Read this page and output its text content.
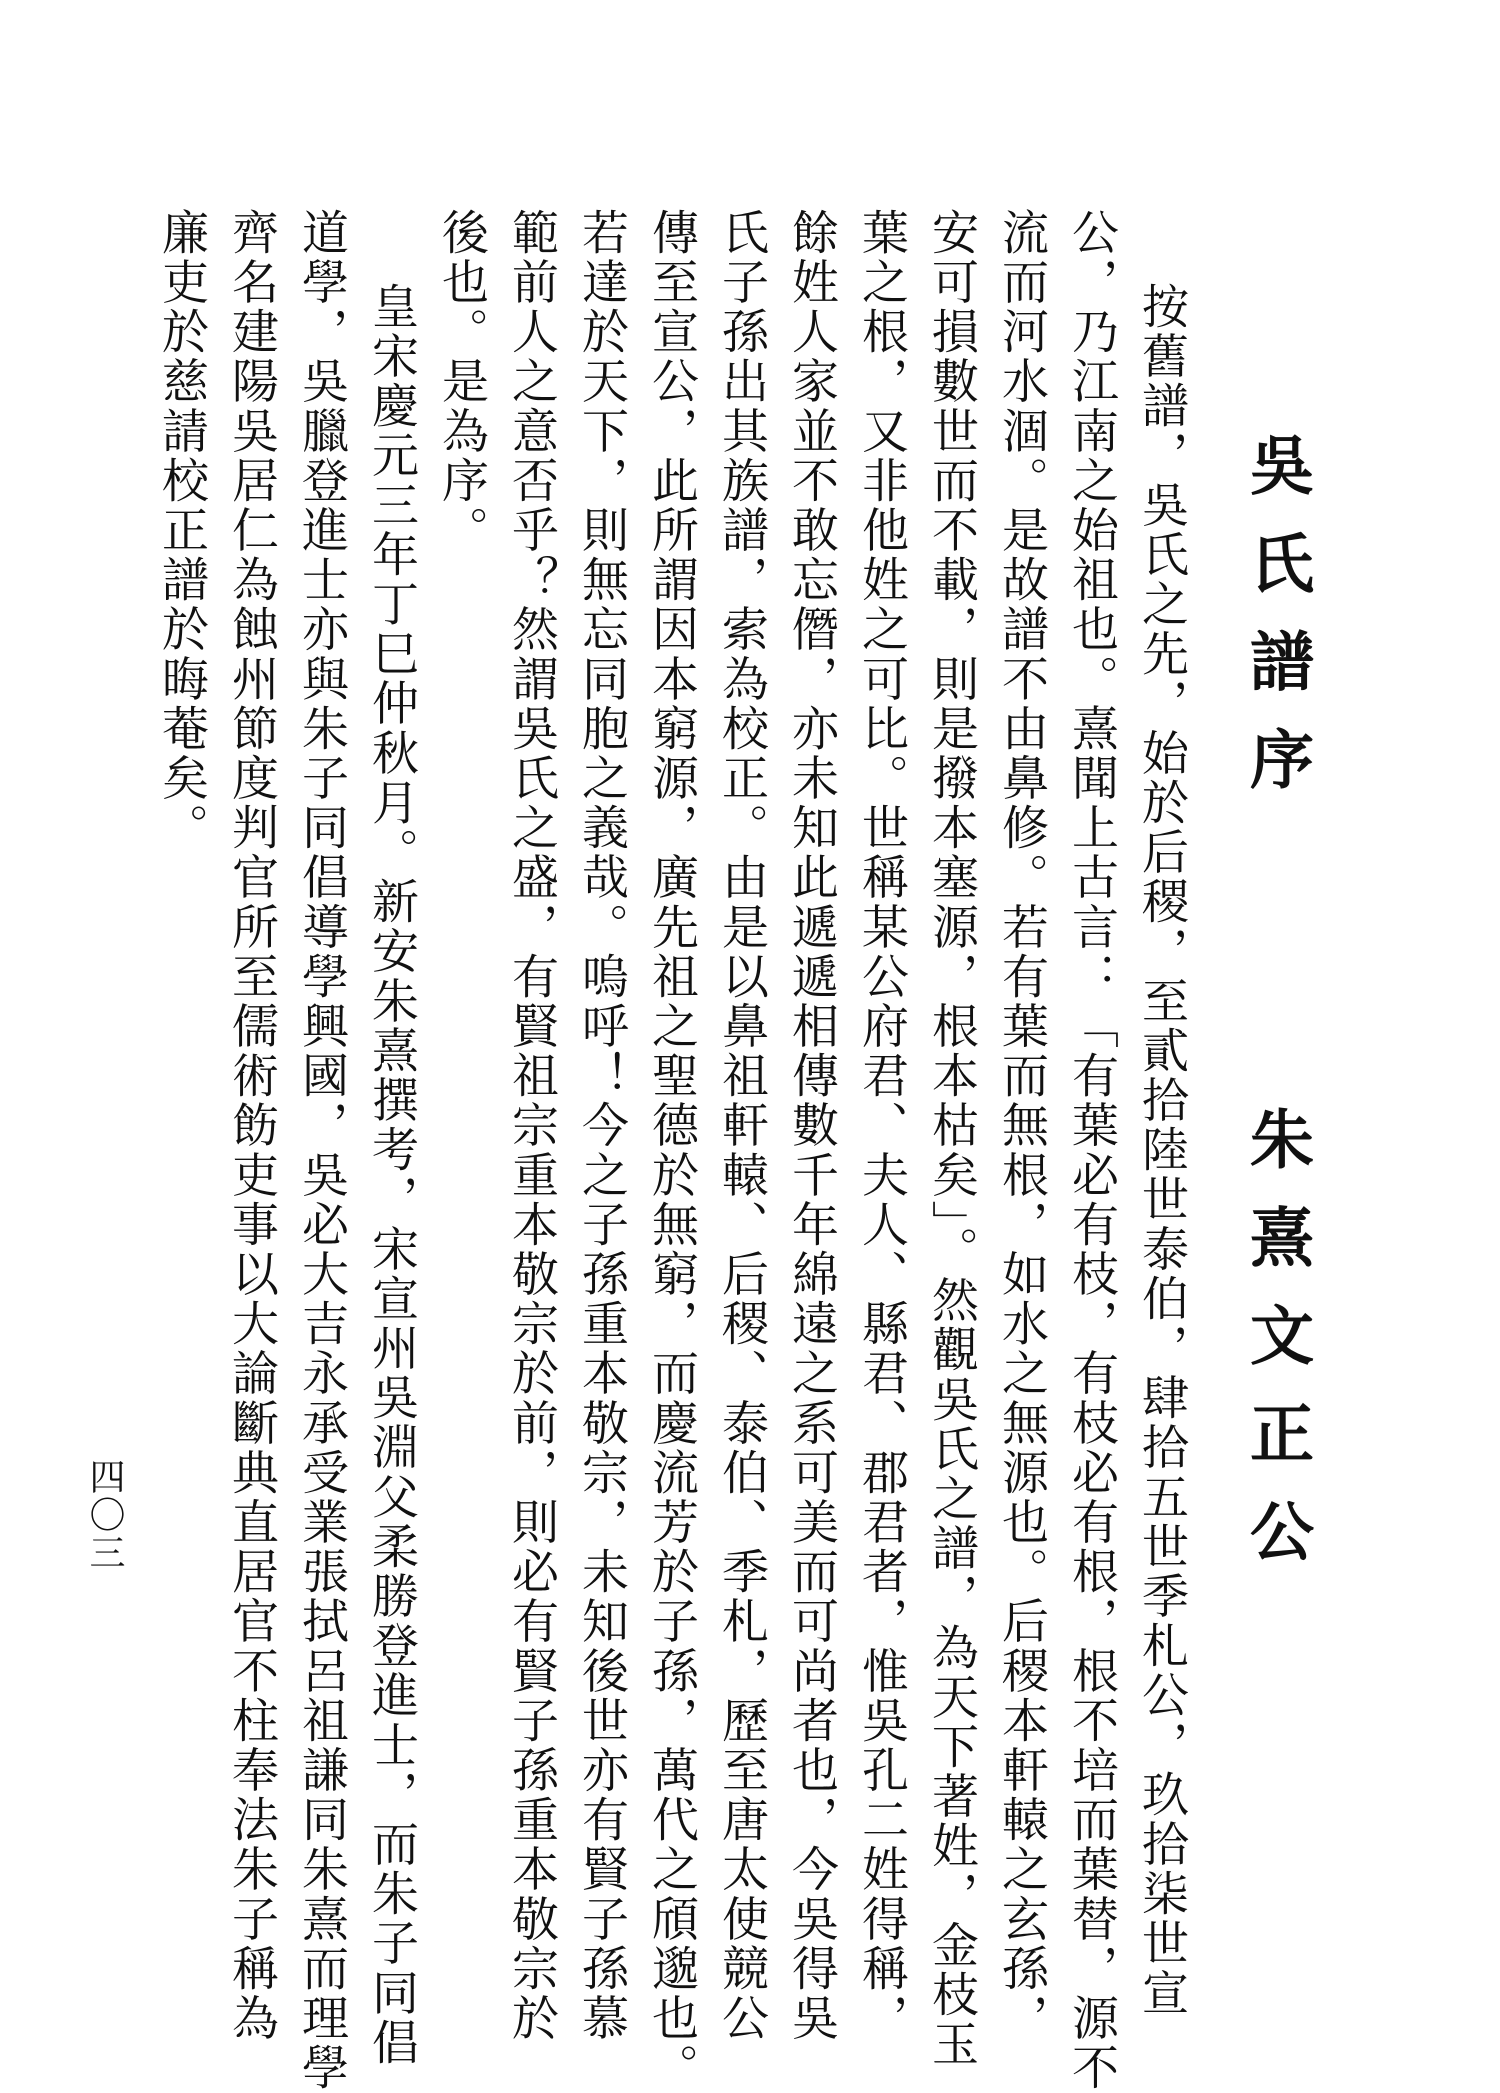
吳氏譜序
朱熹文正公
按舊譜，吳氏之先，始於后稷，至貳拾陸世泰伯，肆拾五世季札公，玖拾柒世宣
公，乃江南之始祖也。熹聞上古言：「有葉必有枝，有枝必有根，根不培而葉替，源不
流而河水涸。是故譜不由鼻修。若有葉而無根，如水之無源也。后稷本軒轅之玄孫，
安可損數世而不載，則是撥本塞源，根本枯矣」。然觀吳氏之譜，為天下著姓，金枝玉
葉之根，又非他姓之可比。世稱某公府君、夫人、縣君、郡君者，惟吳孔二姓得稱，
餘姓人家並不敢忘僭，亦未知此遞遞相傳數千年綿遠之系可美而可尚者也，今吳得吳
氏子孫出其族譜，索為校正。由是以鼻祖軒轅、后稷、泰伯、季札，歷至唐太使競公
傳至宣公，此所謂因本窮源，廣先祖之聖德於無窮，而慶流芳於子孫，萬代之頎邈也。
若達於天下，則無忘同胞之義哉。嗚呼！今之子孫重本敬宗，未知後世亦有賢子孫慕
範前人之意否乎？然謂吳氏之盛，有賢祖宗重本敬宗於前，則必有賢子孫重本敬宗於
後也。是為序。
皇宋慶元三年丁巳仲秋月。新安朱熹撰考，宋宣州吳淵父柔勝登進士，而朱子同倡
道學，吳臘登進士亦與朱子同倡導學興國，吳必大吉永承受業張拭呂祖謙同朱熹而理學
齊名建陽吳居仁為蝕州節度判官所至儒術飭吏事以大論斷典直居官不柱奉法朱子稱為
廉吏於慈請校正譜於晦菴矣。
四〇三
